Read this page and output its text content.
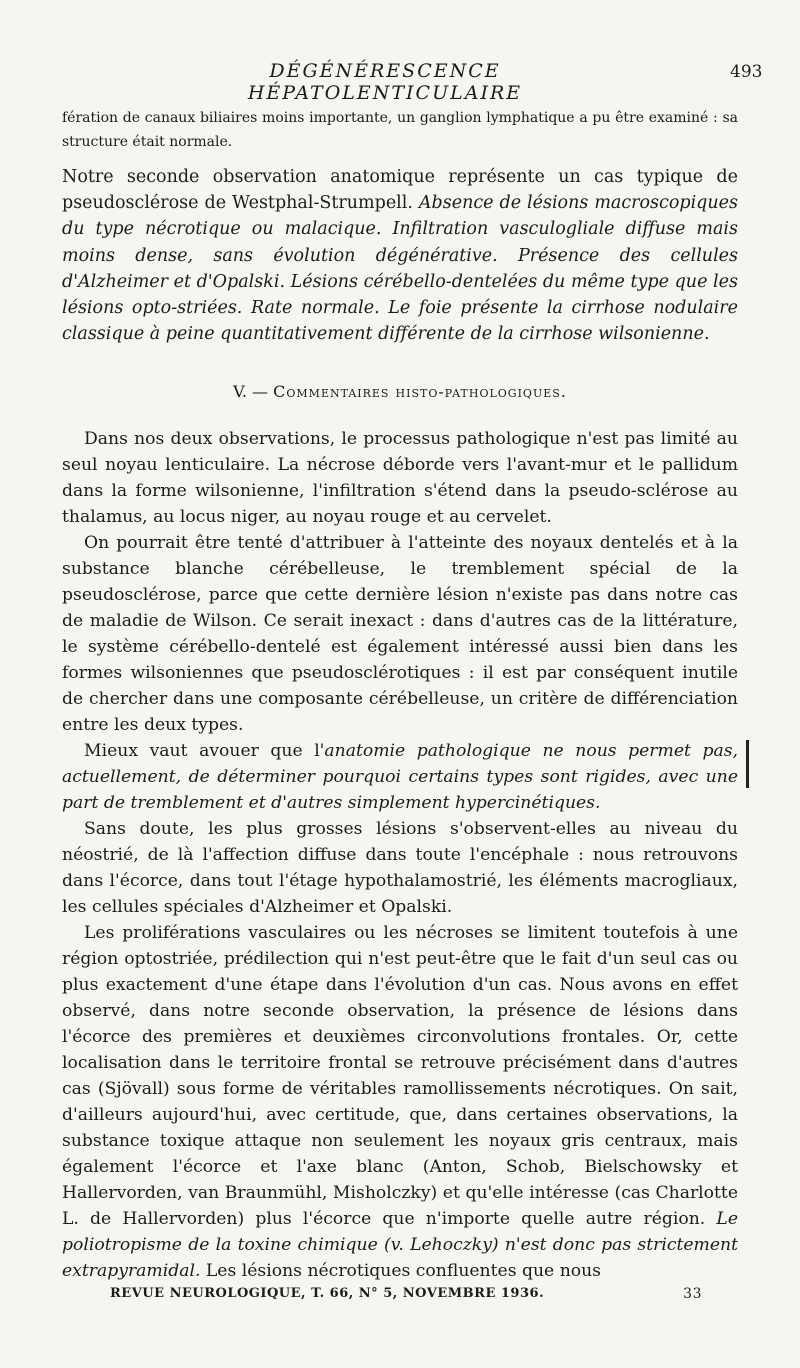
DÉGÉNÉRESCENCE HÉPATOLENTICULAIRE
493
fération de canaux biliaires moins importante, un ganglion lymphatique a pu être examiné : sa structure était normale.
Notre seconde observation anatomique représente un cas typique de pseudosclérose de Westphal-Strumpell. Absence de lésions macroscopiques du type nécrotique ou malacique. Infiltration vasculogliale diffuse mais moins dense, sans évolution dégénérative. Présence des cellules d'Alzheimer et d'Opalski. Lésions cérébello-dentelées du même type que les lésions opto-striées. Rate normale. Le foie présente la cirrhose nodulaire classique à peine quantitativement différente de la cirrhose wilsonienne.
V. — Commentaires histo-pathologiques.

Dans nos deux observations, le processus pathologique n'est pas limité au seul noyau lenticulaire. La nécrose déborde vers l'avant-mur et le pallidum dans la forme wilsonienne, l'infiltration s'étend dans la pseudo-sclérose au thalamus, au locus niger, au noyau rouge et au cervelet.

On pourrait être tenté d'attribuer à l'atteinte des noyaux dentelés et à la substance blanche cérébelleuse, le tremblement spécial de la pseudosclérose, parce que cette dernière lésion n'existe pas dans notre cas de maladie de Wilson. Ce serait inexact : dans d'autres cas de la littérature, le système cérébello-dentelé est également intéressé aussi bien dans les formes wilsoniennes que pseudosclérotiques : il est par conséquent inutile de chercher dans une composante cérébelleuse, un critère de différenciation entre les deux types.

Mieux vaut avouer que l'anatomie pathologique ne nous permet pas, actuellement, de déterminer pourquoi certains types sont rigides, avec une part de tremblement et d'autres simplement hypercinétiques.

Sans doute, les plus grosses lésions s'observent-elles au niveau du néostrié, de là l'affection diffuse dans toute l'encéphale : nous retrouvons dans l'écorce, dans tout l'étage hypothalamostrié, les éléments macrogliaux, les cellules spéciales d'Alzheimer et Opalski.

Les proliférations vasculaires ou les nécroses se limitent toutefois à une région optostriée, prédilection qui n'est peut-être que le fait d'un seul cas ou plus exactement d'une étape dans l'évolution d'un cas. Nous avons en effet observé, dans notre seconde observation, la présence de lésions dans l'écorce des premières et deuxièmes circonvolutions frontales. Or, cette localisation dans le territoire frontal se retrouve précisément dans d'autres cas (Sjövall) sous forme de véritables ramollissements nécrotiques. On sait, d'ailleurs aujourd'hui, avec certitude, que, dans certaines observations, la substance toxique attaque non seulement les noyaux gris centraux, mais également l'écorce et l'axe blanc (Anton, Schob, Bielschowsky et Hallervorden, van Braunmühl, Misholczky) et qu'elle intéresse (cas Charlotte L. de Hallervorden) plus l'écorce que n'importe quelle autre région. Le poliotropisme de la toxine chimique (v. Lehoczky) n'est donc pas strictement extrapyramidal. Les lésions nécrotiques confluentes que nous

REVUE NEUROLOGIQUE, T. 66, N° 5, NOVEMBRE 1936.	33
